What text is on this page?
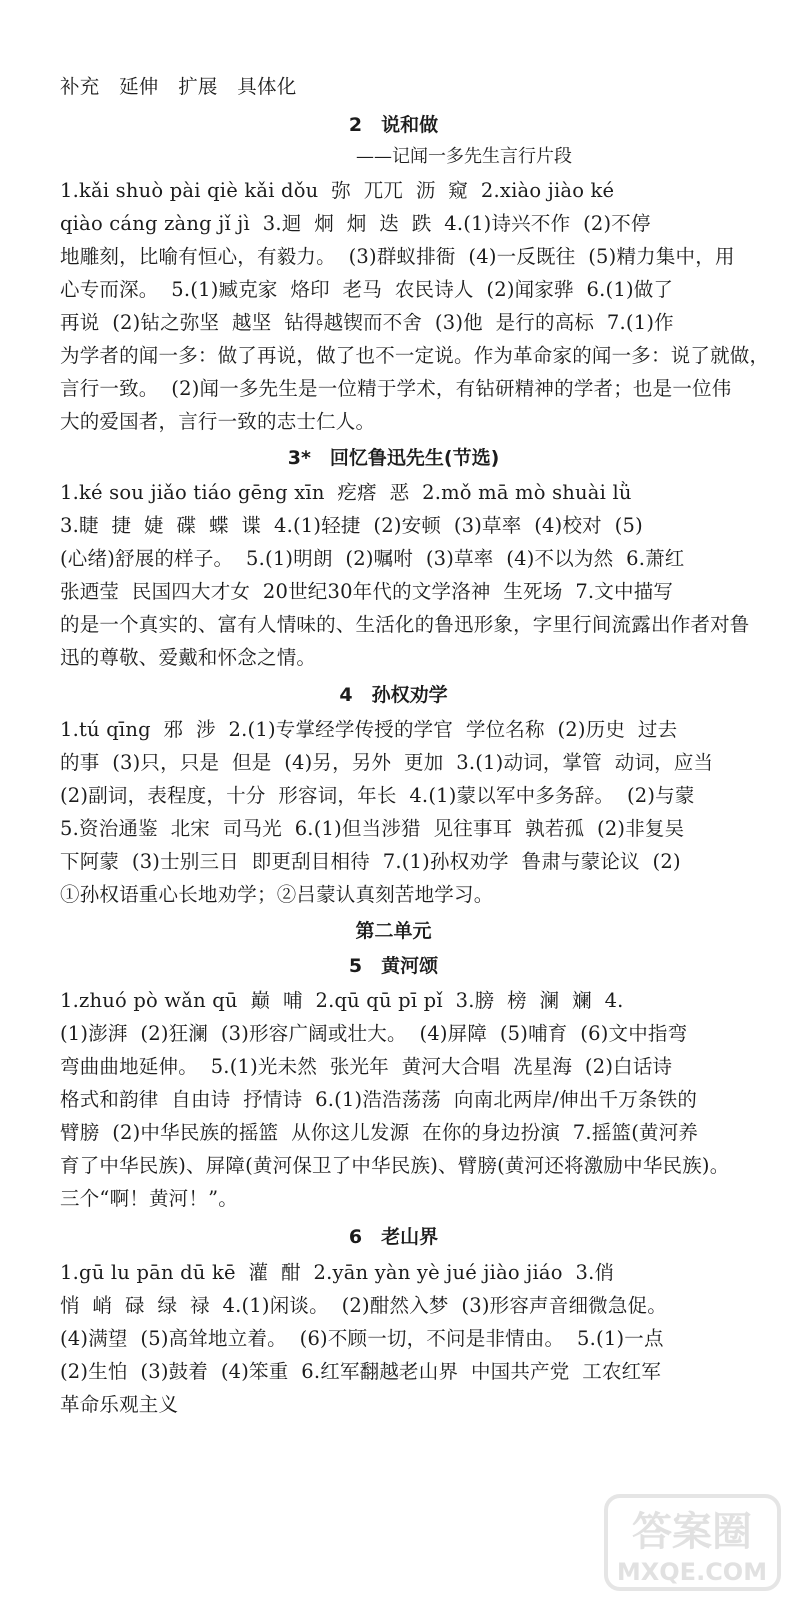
补充　延伸　扩展　具体化
2　说和做
——记闻一多先生言行片段
1.kǎi shuò pài qiè kǎi dǒu  弥  兀兀  沥  窥  2.xiào jiào ké
qiào cáng zàng jǐ jì  3.迴  炯  炯  迭  跌  4.(1)诗兴不作  (2)不停
地雕刻，比喻有恒心，有毅力。  (3)群蚁排衙  (4)一反既往  (5)精力集中，用
心专而深。  5.(1)臧克家  烙印  老马  农民诗人  (2)闻家骅  6.(1)做了
再说  (2)钻之弥坚  越坚  钻得越锲而不舍  (3)他  是行的高标  7.(1)作
为学者的闻一多：做了再说，做了也不一定说。作为革命家的闻一多：说了就做，
言行一致。  (2)闻一多先生是一位精于学术，有钻研精神的学者；也是一位伟
大的爱国者，言行一致的志士仁人。
3*　回忆鲁迅先生(节选)
1.ké sou jiǎo tiáo gēng xīn  疙瘩  恶  2.mǒ mā mò shuài lǜ
3.睫  捷  婕  碟  蝶  谍  4.(1)轻捷  (2)安顿  (3)草率  (4)校对  (5)
(心绪)舒展的样子。  5.(1)明朗  (2)嘱咐  (3)草率  (4)不以为然  6.萧红
张迺莹  民国四大才女  20世纪30年代的文学洛神  生死场  7.文中描写
的是一个真实的、富有人情味的、生活化的鲁迅形象，字里行间流露出作者对鲁
迅的尊敬、爱戴和怀念之情。
4　孙权劝学
1.tú qīng  邪  涉  2.(1)专掌经学传授的学官  学位名称  (2)历史  过去
的事  (3)只，只是  但是  (4)另，另外  更加  3.(1)动词，掌管  动词，应当
(2)副词，表程度，十分  形容词，年长  4.(1)蒙以军中多务辞。  (2)与蒙
5.资治通鉴  北宋  司马光  6.(1)但当涉猎  见往事耳  孰若孤  (2)非复吴
下阿蒙  (3)士别三日  即更刮目相待  7.(1)孙权劝学  鲁肃与蒙论议  (2)
①孙权语重心长地劝学；②吕蒙认真刻苦地学习。
第二单元
5　黄河颂
1.zhuó pò wǎn qū  巅  哺  2.qū qū pī pǐ  3.膀  榜  澜  斓  4.
(1)澎湃  (2)狂澜  (3)形容广阔或壮大。  (4)屏障  (5)哺育  (6)文中指弯
弯曲曲地延伸。  5.(1)光未然  张光年  黄河大合唱  冼星海  (2)白话诗
格式和韵律  自由诗  抒情诗  6.(1)浩浩荡荡  向南北两岸/伸出千万条铁的
臂膀  (2)中华民族的摇篮  从你这儿发源  在你的身边扮演  7.摇篮(黄河养
育了中华民族)、屏障(黄河保卫了中华民族)、臂膀(黄河还将激励中华民族)。
三个“啊！黄河！”。
6　老山界
1.gū lu pān dū kē  灌  酣  2.yān yàn yè jué jiào jiáo  3.俏
悄  峭  碌  绿  禄  4.(1)闲谈。  (2)酣然入梦  (3)形容声音细微急促。
(4)满望  (5)高耸地立着。  (6)不顾一切，不问是非情由。  5.(1)一点
(2)生怕  (3)鼓着  (4)笨重  6.红军翻越老山界  中国共产党  工农红军
革命乐观主义
答案圈
MXQE.COM
